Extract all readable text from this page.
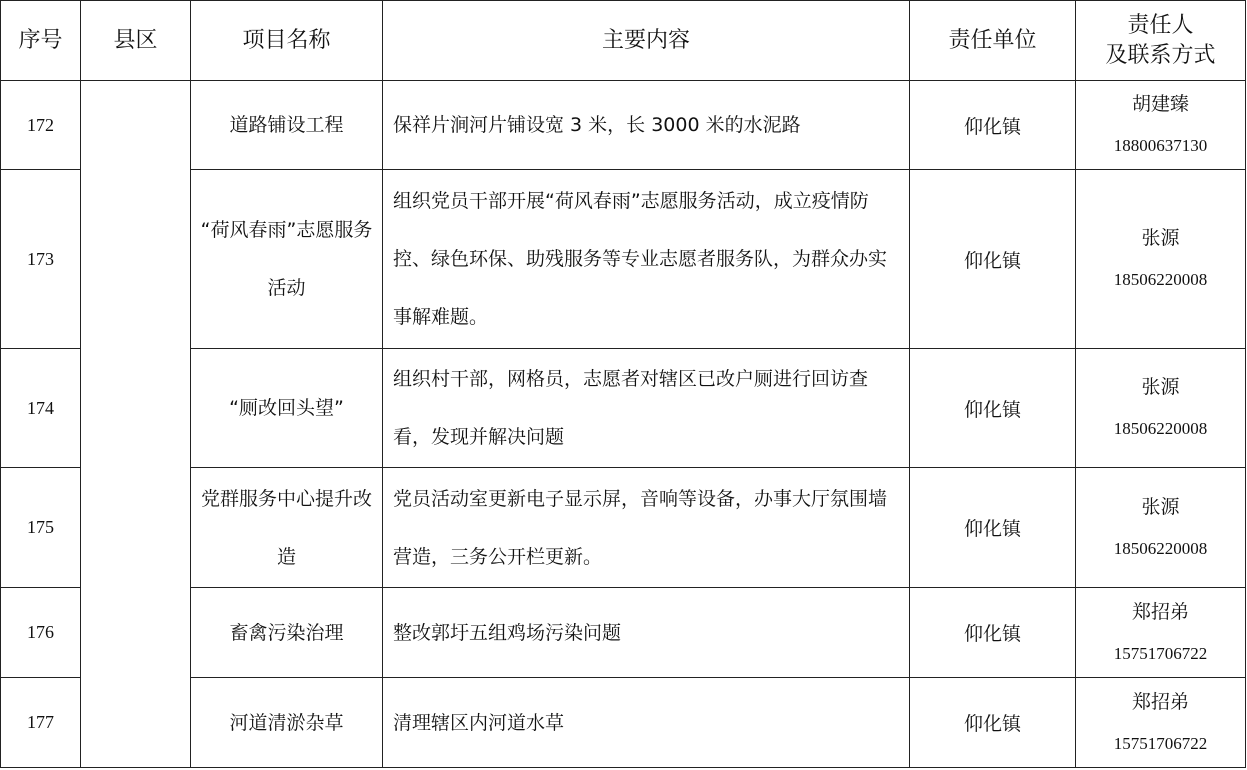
序号	县区	项目名称	主要内容	责任单位	责任人
及联系方式

172		道路铺设工程	保祥片涧河片铺设宽 3 米，长 3000 米的水泥路	仰化镇	胡建臻
18800637130

173		“荷风春雨”志愿服务活动	组织党员干部开展“荷风春雨”志愿服务活动，成立疫情防控、绿色环保、助残服务等专业志愿者服务队，为群众办实事解难题。	仰化镇	张源
18506220008

174		“厕改回头望”	组织村干部，网格员，志愿者对辖区已改户厕进行回访查看，发现并解决问题	仰化镇	张源
18506220008

175		党群服务中心提升改造	党员活动室更新电子显示屏，音响等设备，办事大厅氛围墙营造，三务公开栏更新。	仰化镇	张源
18506220008

176		畜禽污染治理	整改郭圩五组鸡场污染问题	仰化镇	郑招弟
15751706722

177		河道清淤杂草	清理辖区内河道水草	仰化镇	郑招弟
15751706722
